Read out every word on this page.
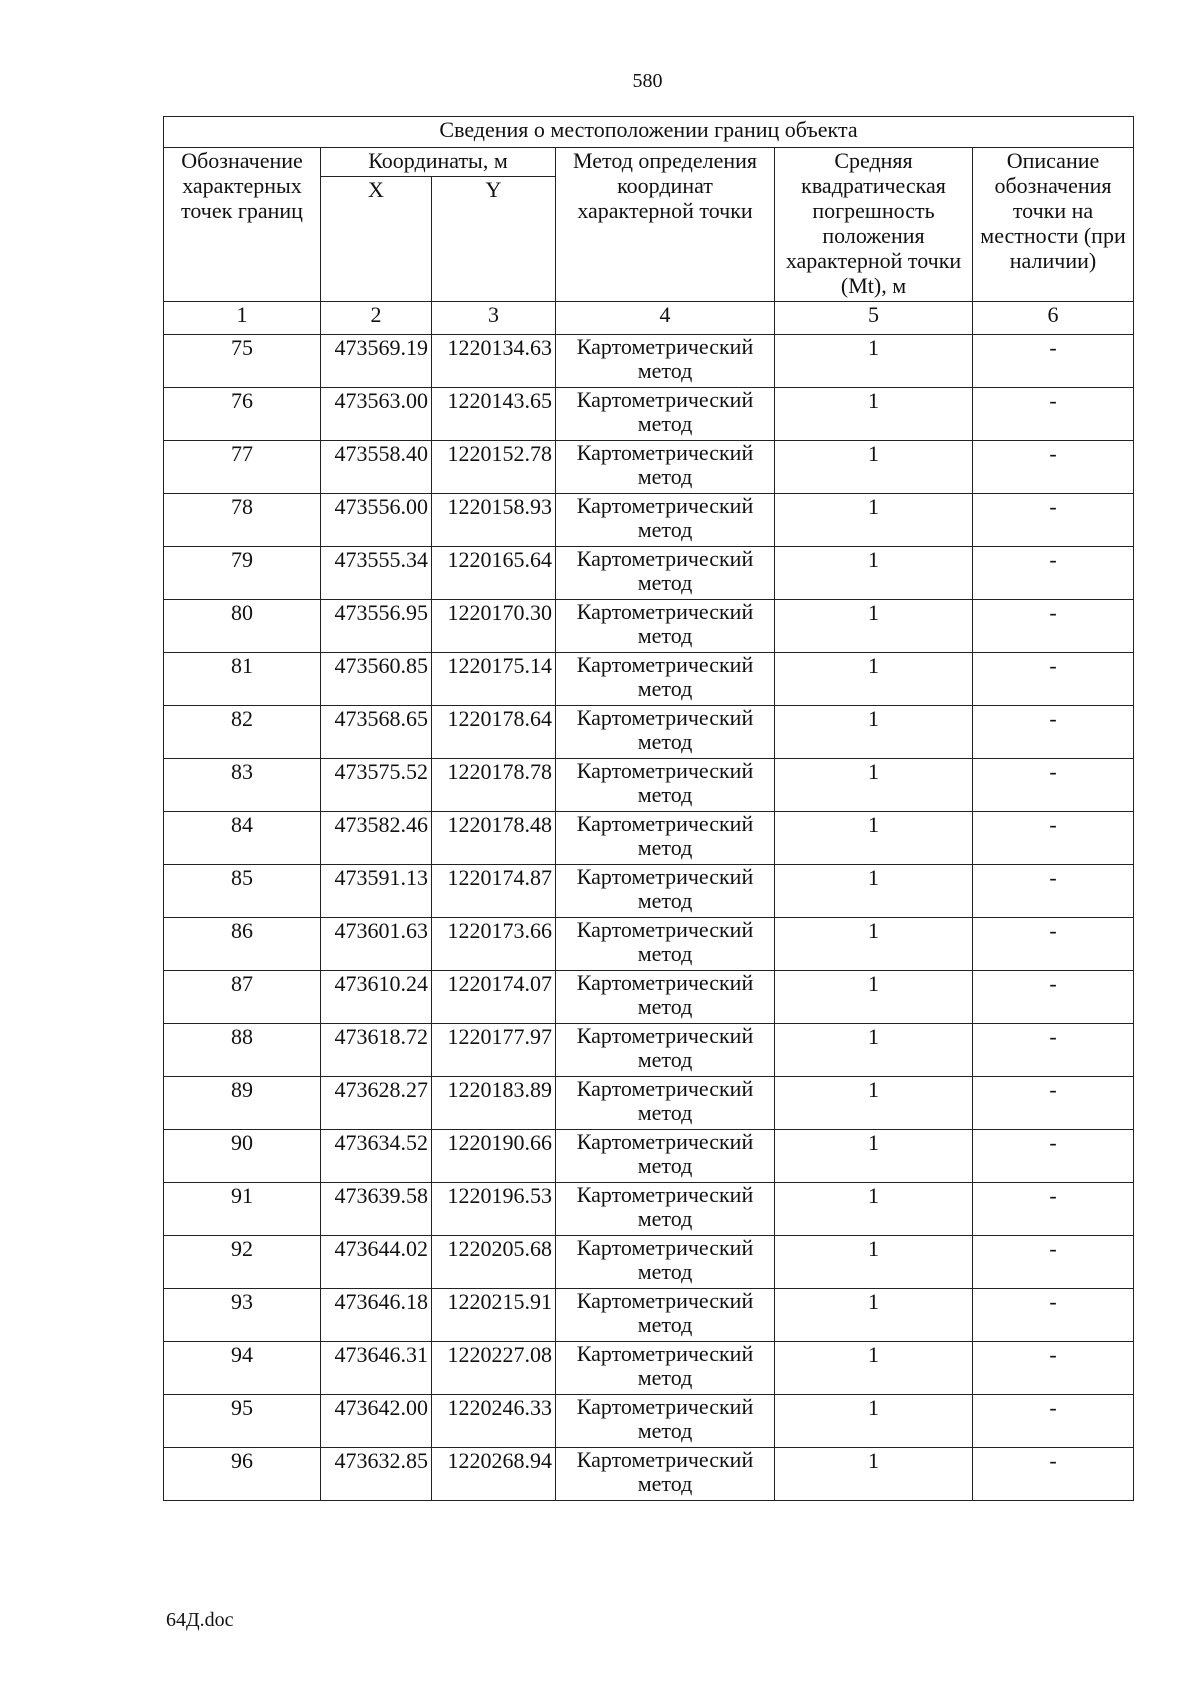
580
Сведения о местоположении границ объекта					
Обозначение характерных точек границ	Координаты, м		Метод определения координат характерной точки	Средняя квадратическая погрешность положения характерной точки (Mt), м	Описание обозначения точки на местности (при наличии)
	X	Y			
1	2	3	4	5	6
75	473569.19	1220134.63	Картометрический метод	1	-
76	473563.00	1220143.65	Картометрический метод	1	-
77	473558.40	1220152.78	Картометрический метод	1	-
78	473556.00	1220158.93	Картометрический метод	1	-
79	473555.34	1220165.64	Картометрический метод	1	-
80	473556.95	1220170.30	Картометрический метод	1	-
81	473560.85	1220175.14	Картометрический метод	1	-
82	473568.65	1220178.64	Картометрический метод	1	-
83	473575.52	1220178.78	Картометрический метод	1	-
84	473582.46	1220178.48	Картометрический метод	1	-
85	473591.13	1220174.87	Картометрический метод	1	-
86	473601.63	1220173.66	Картометрический метод	1	-
87	473610.24	1220174.07	Картометрический метод	1	-
88	473618.72	1220177.97	Картометрический метод	1	-
89	473628.27	1220183.89	Картометрический метод	1	-
90	473634.52	1220190.66	Картометрический метод	1	-
91	473639.58	1220196.53	Картометрический метод	1	-
92	473644.02	1220205.68	Картометрический метод	1	-
93	473646.18	1220215.91	Картометрический метод	1	-
94	473646.31	1220227.08	Картометрический метод	1	-
95	473642.00	1220246.33	Картометрический метод	1	-
96	473632.85	1220268.94	Картометрический метод	1	-
64Д.doc
